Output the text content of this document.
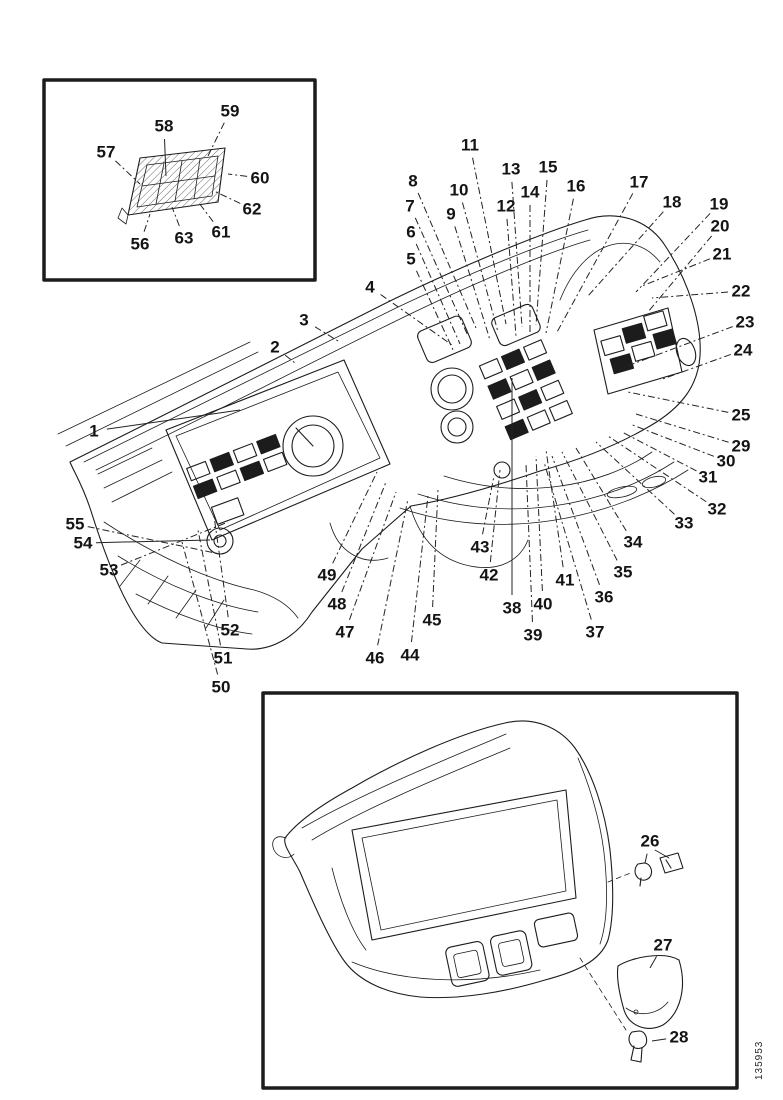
135953
1
2
3
4
5
6
7
8
9
10
11
12
13
14
15
16	17
18 19
20
21
22
23
24
25
29
30
31
32
33
34
35
36
37
38
39
40
41
42
43
44
45
46
47
48
49
50
51
52
53
54
55
56
57
58
59
60
61
62
63
26
27
28
